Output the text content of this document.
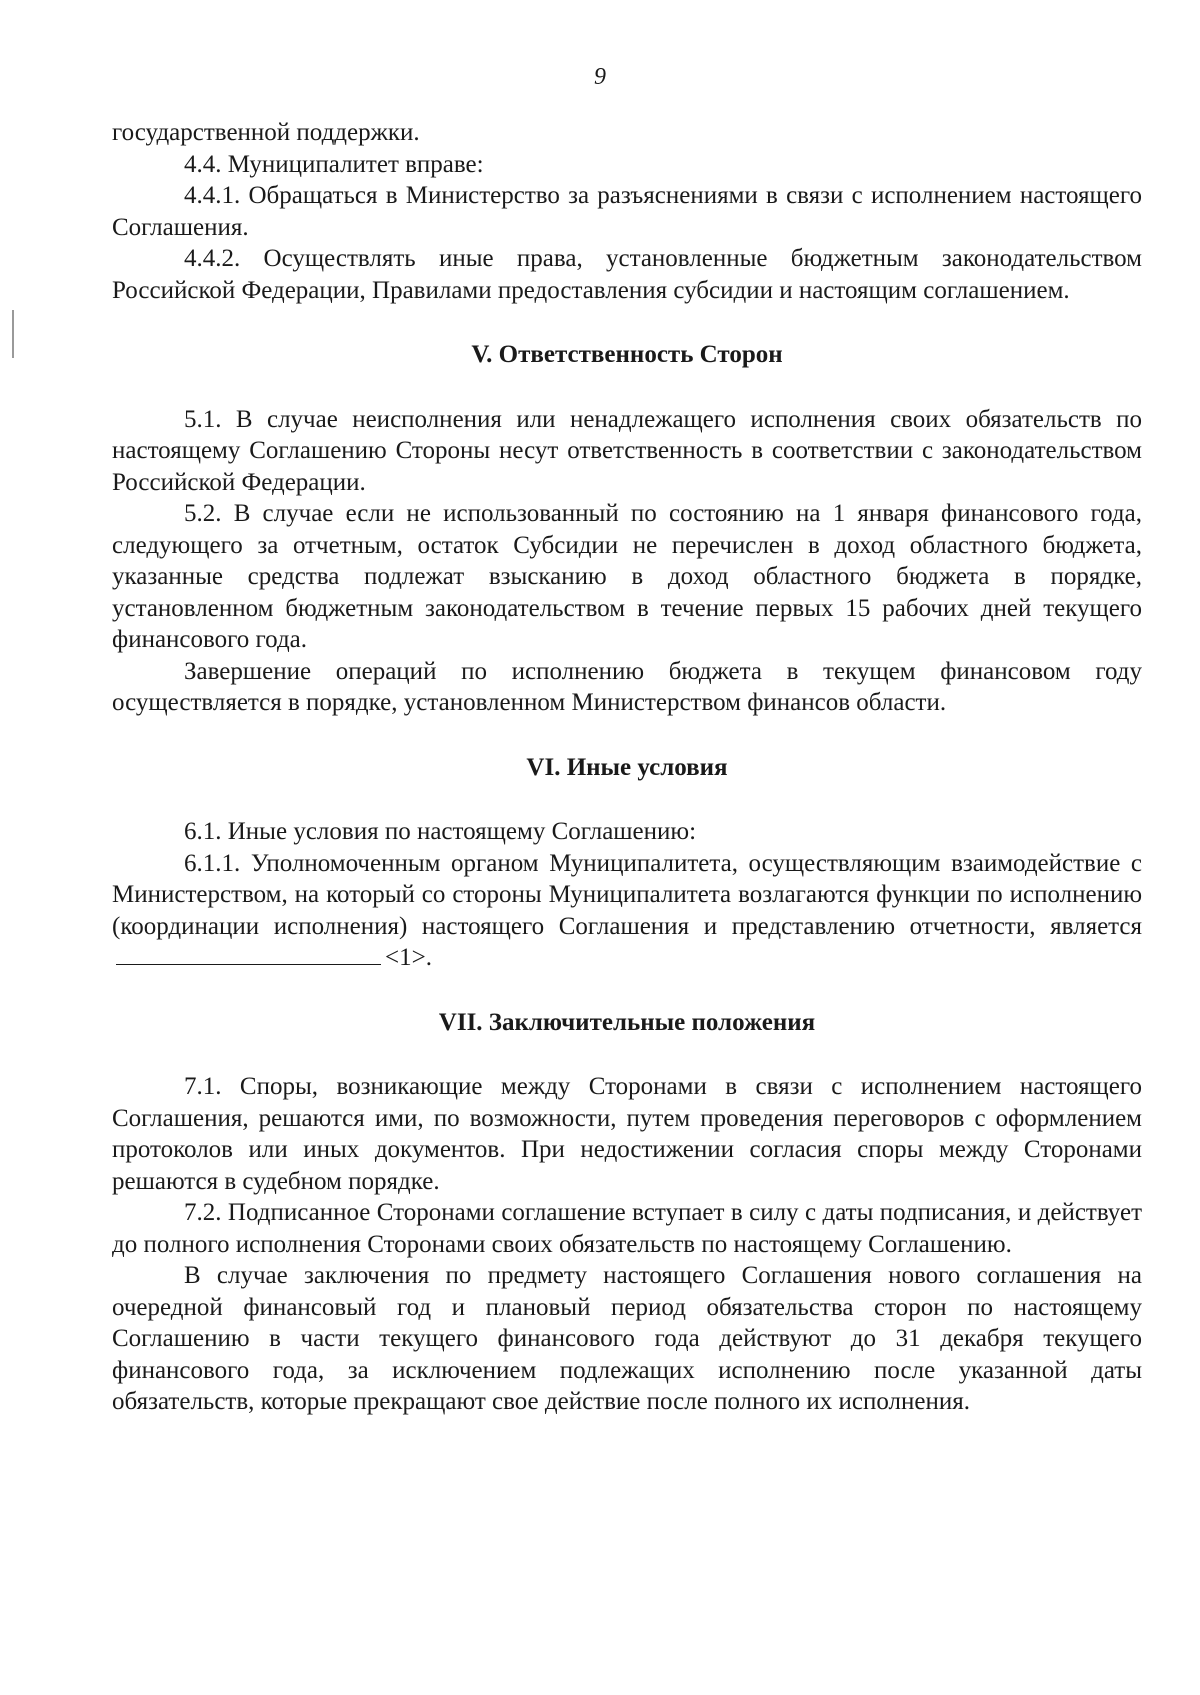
9

государственной поддержки.

4.4. Муниципалитет вправе:

4.4.1. Обращаться в Министерство за разъяснениями в связи с исполнением настоящего Соглашения.

4.4.2. Осуществлять иные права, установленные бюджетным законодательством Российской Федерации, Правилами предоставления субсидии и настоящим соглашением.

V. Ответственность Сторон

5.1. В случае неисполнения или ненадлежащего исполнения своих обязательств по настоящему Соглашению Стороны несут ответственность в соответствии с законодательством Российской Федерации.

5.2. В случае если не использованный по состоянию на 1 января финансового года, следующего за отчетным, остаток Субсидии не перечислен в доход областного бюджета, указанные средства подлежат взысканию в доход областного бюджета в порядке, установленном бюджетным законодательством в течение первых 15 рабочих дней текущего финансового года.

Завершение операций по исполнению бюджета в текущем финансовом году осуществляется в порядке, установленном Министерством финансов области.

VI. Иные условия

6.1. Иные условия по настоящему Соглашению:

6.1.1. Уполномоченным органом Муниципалитета, осуществляющим взаимодействие с Министерством, на который со стороны Муниципалитета возлагаются функции по исполнению (координации исполнения) настоящего Соглашения и представлению отчетности, является <1>.

VII. Заключительные положения

7.1. Споры, возникающие между Сторонами в связи с исполнением настоящего Соглашения, решаются ими, по возможности, путем проведения переговоров с оформлением протоколов или иных документов. При недостижении согласия споры между Сторонами решаются в судебном порядке.

7.2. Подписанное Сторонами соглашение вступает в силу с даты подписания, и действует до полного исполнения Сторонами своих обязательств по настоящему Соглашению.

В случае заключения по предмету настоящего Соглашения нового соглашения на очередной финансовый год и плановый период обязательства сторон по настоящему Соглашению в части текущего финансового года действуют до 31 декабря текущего финансового года, за исключением подлежащих исполнению после указанной даты обязательств, которые прекращают свое действие после полного их исполнения.
